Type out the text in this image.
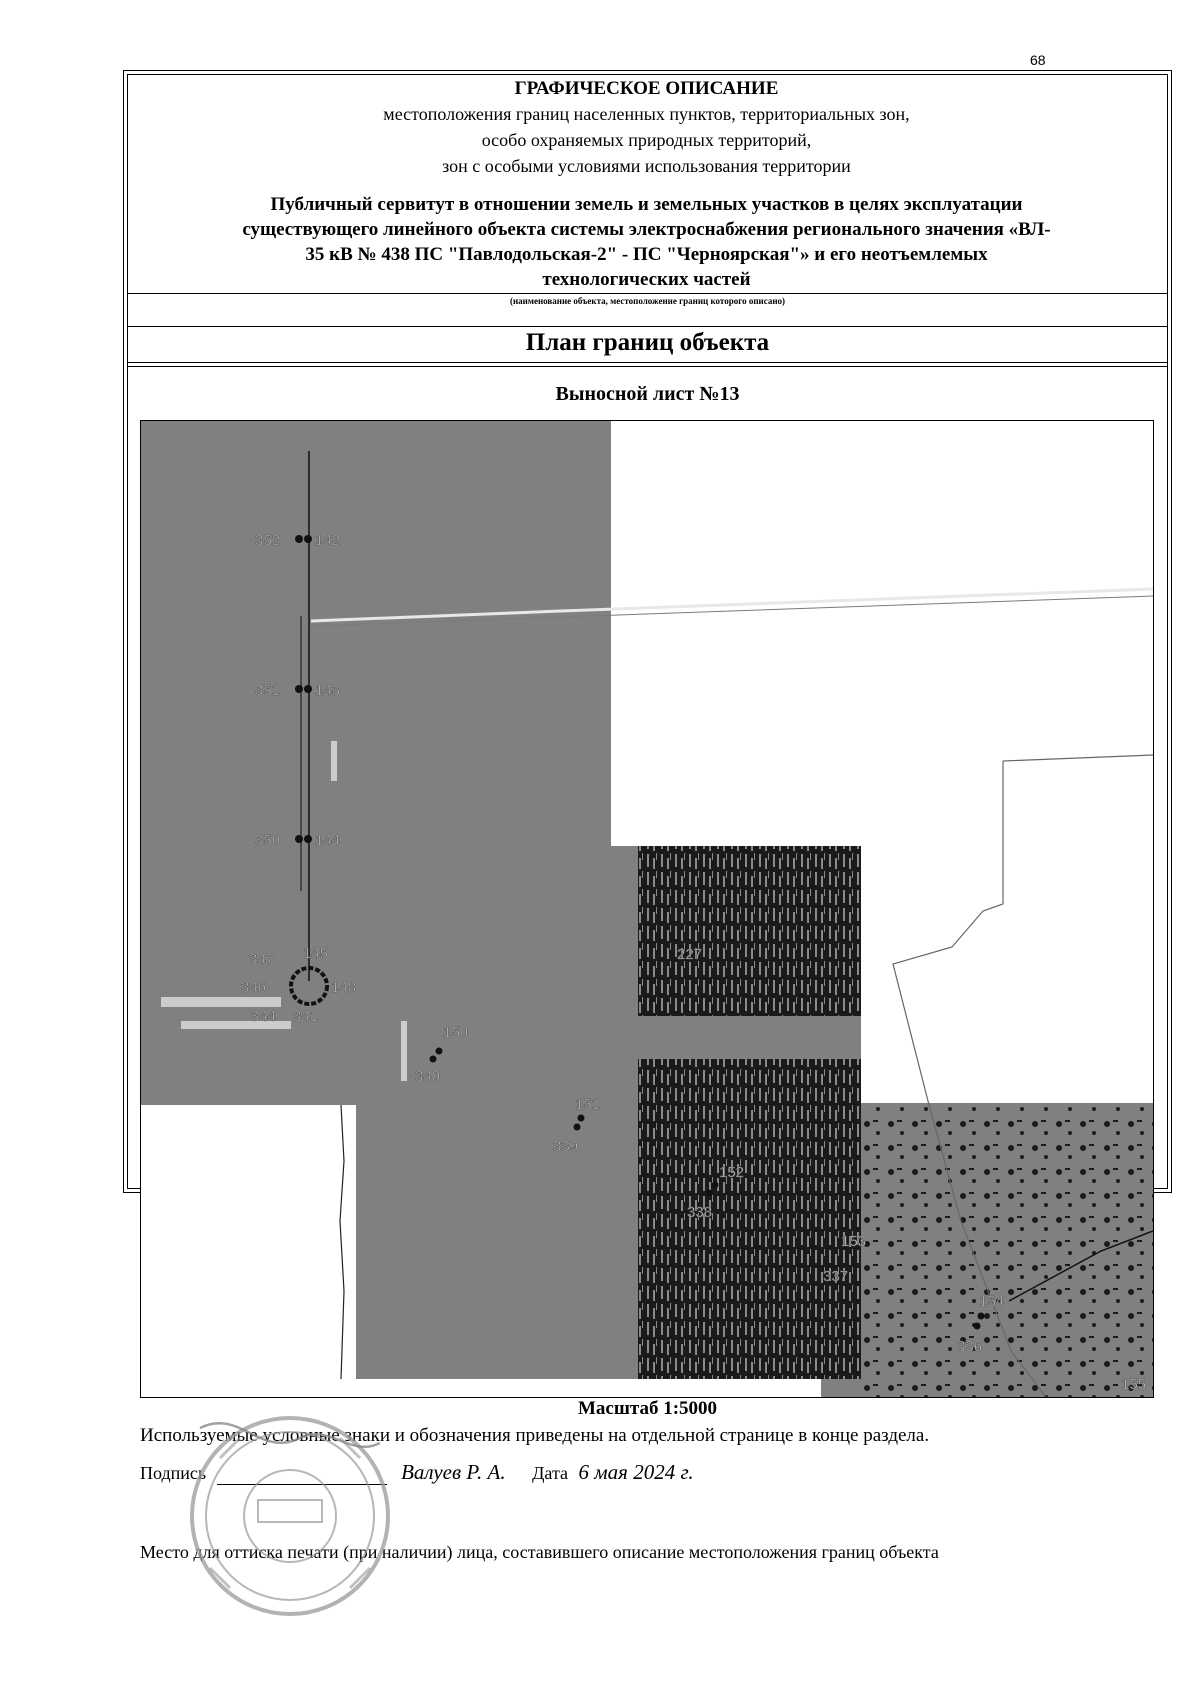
68
ГРАФИЧЕСКОЕ ОПИСАНИЕ
местоположения границ населенных пунктов, территориальных зон,
особо охраняемых природных территорий,
зон с особыми условиями использования территории
Публичный сервитут в отношении земель и земельных участков в целях эксплуатации
существующего линейного объекта системы электроснабжения регионального значения «ВЛ-
35 кВ № 438 ПС "Павлодольская-2" - ПС "Черноярская"» и его неотъемлемых
технологических частей
(наименование объекта, местоположение границ которого описано)
План границ объекта
Выносной лист №13
352 142
351 143
350 144
347 145
346	148
344 341
150
340
151
339
152
338
153
337
154
336
227
155
Масштаб 1:5000
Используемые условные знаки и обозначения приведены на отдельной странице в конце раздела.
Подпись	Валуев Р. А. Дата 6 мая 2024 г.
Место для оттиска печати (при наличии) лица, составившего описание местоположения границ объекта
